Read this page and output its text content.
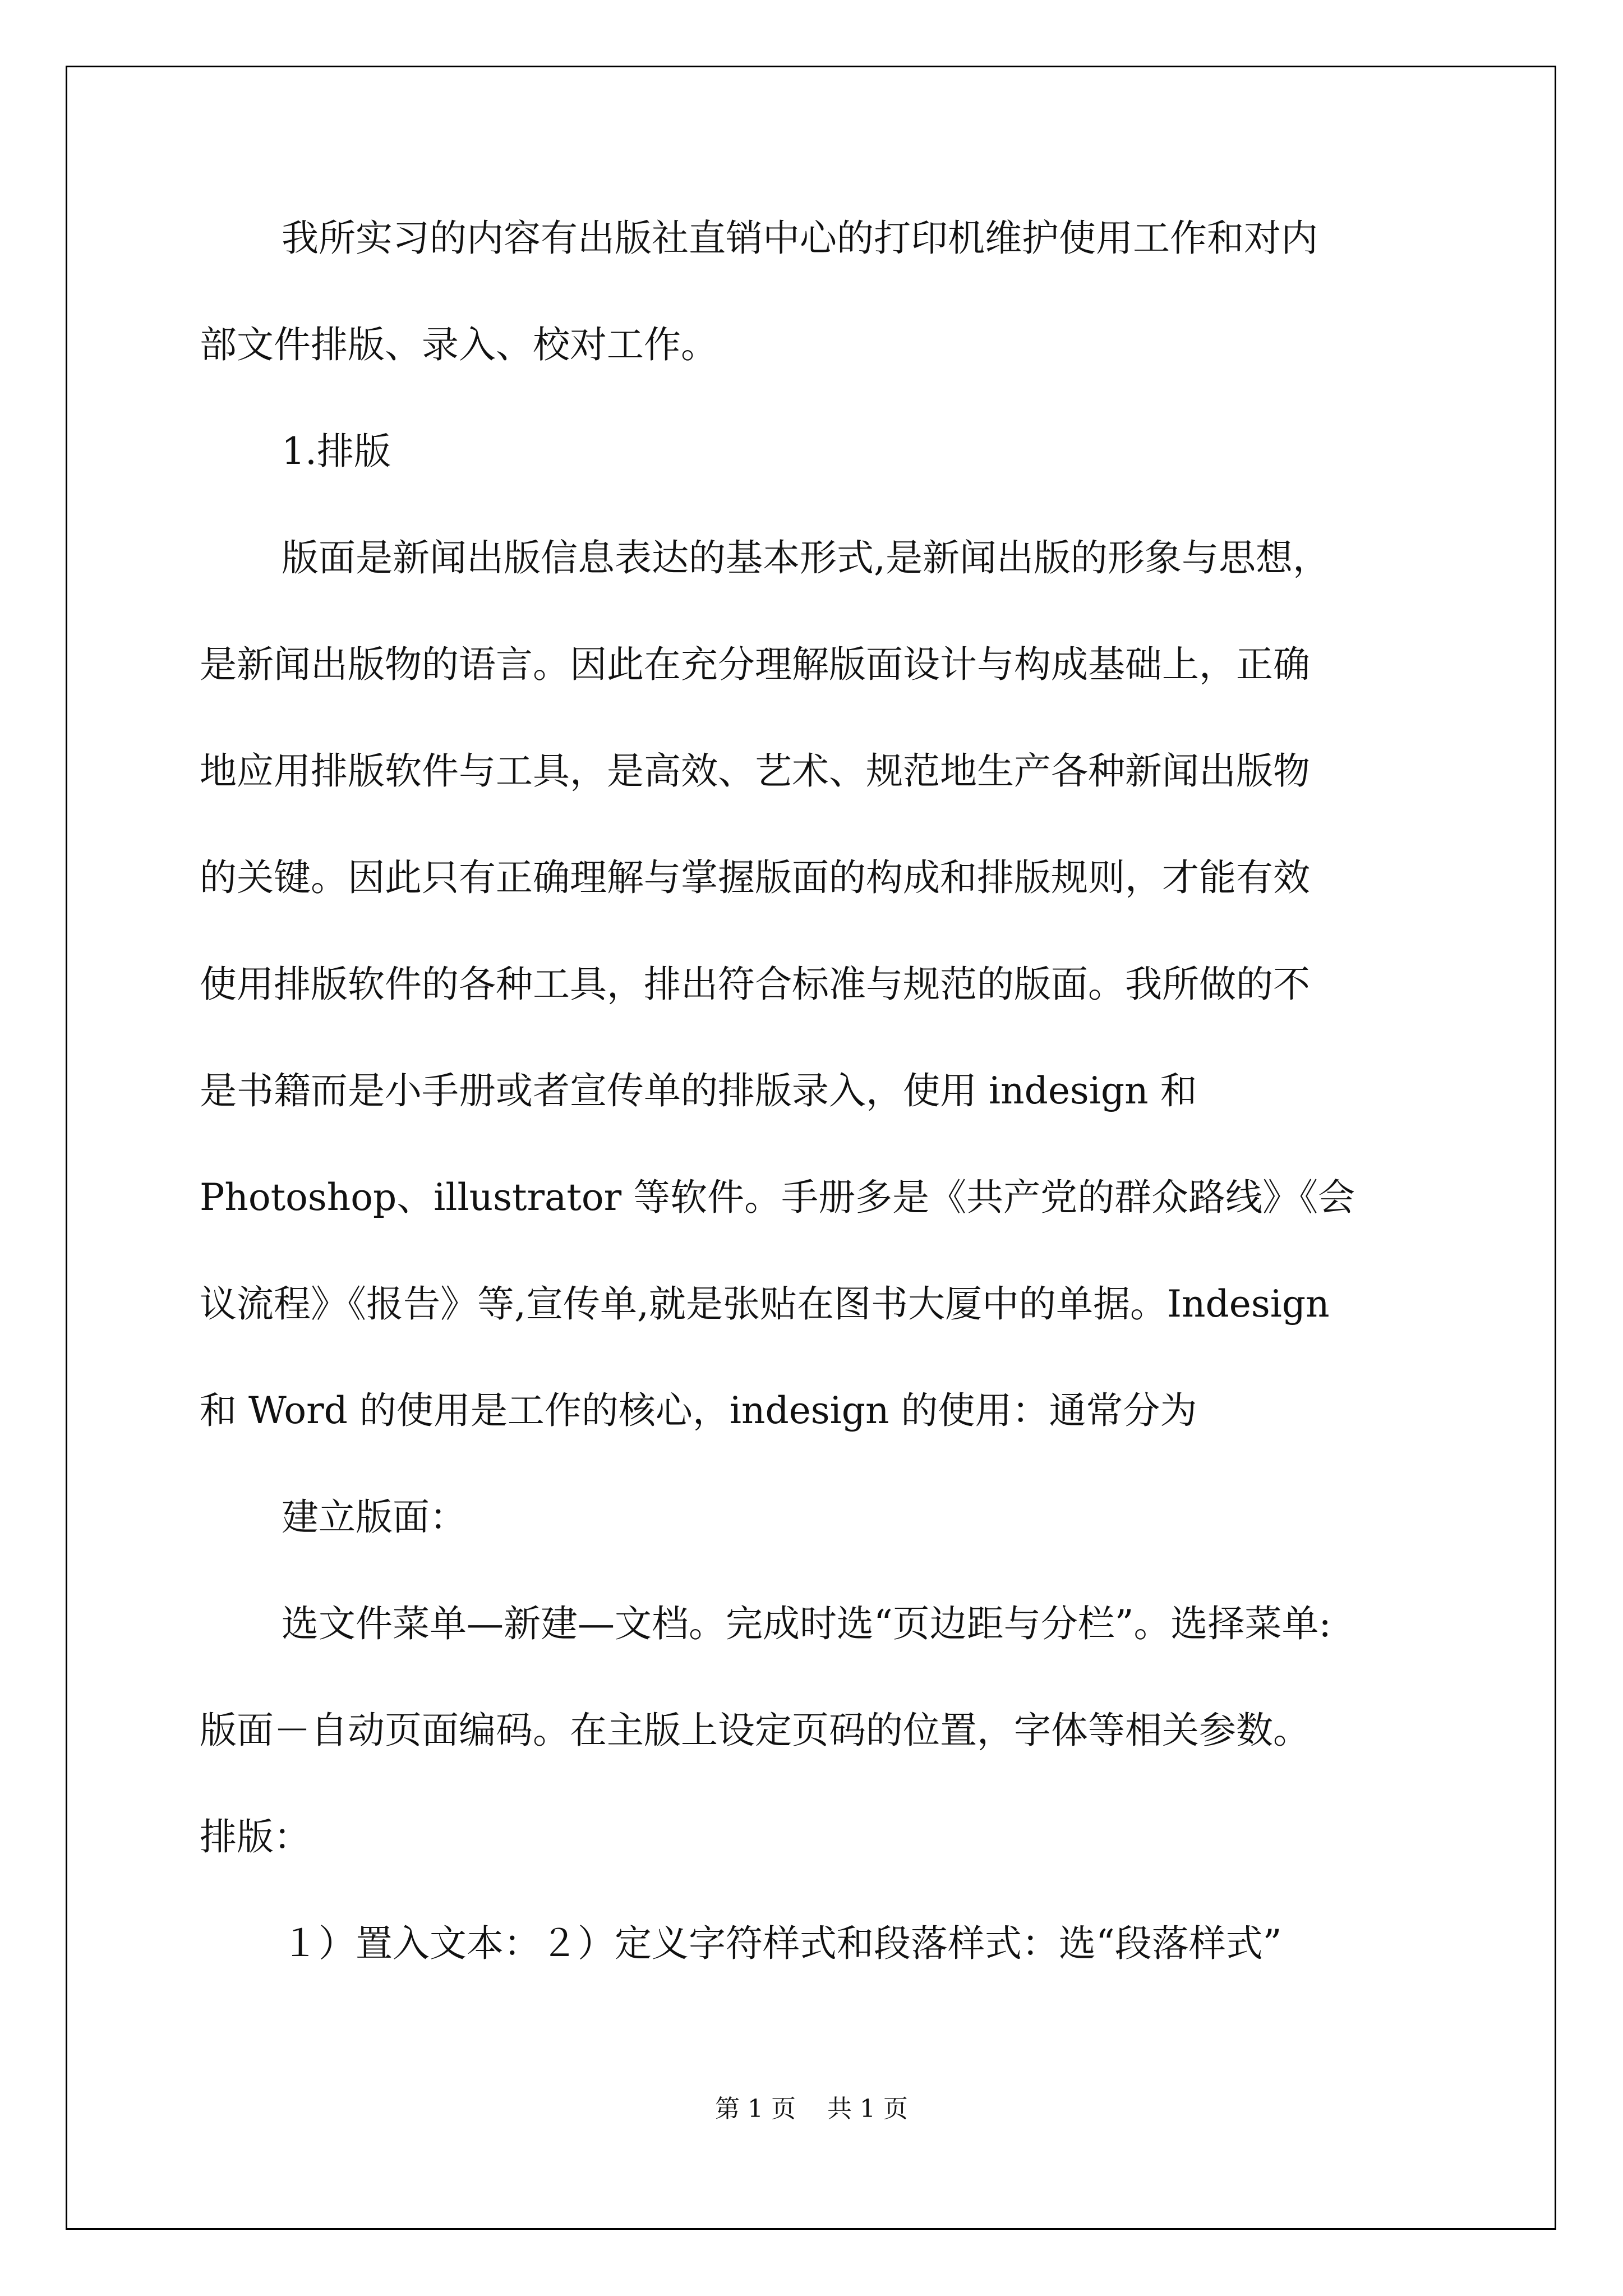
我所实习的内容有出版社直销中心的打印机维护使用工作和对内
部文件排版、录入、校对工作。
1.排版
版面是新闻出版信息表达的基本形式,是新闻出版的形象与思想，
是新闻出版物的语言。因此在充分理解版面设计与构成基础上，正确
地应用排版软件与工具，是高效、艺术、规范地生产各种新闻出版物
的关键。因此只有正确理解与掌握版面的构成和排版规则，才能有效
使用排版软件的各种工具，排出符合标准与规范的版面。我所做的不
是书籍而是小手册或者宣传单的排版录入，使用 indesign 和
Photoshop、illustrator 等软件。手册多是《共产党的群众路线》《会
议流程》《报告》等,宣传单,就是张贴在图书大厦中的单据。Indesign
和 Word 的使用是工作的核心，indesign 的使用：通常分为
建立版面：
选文件菜单—新建—文档。完成时选“页边距与分栏”。选择菜单:
版面－自动页面编码。在主版上设定页码的位置，字体等相关参数。
排版：
１）置入文本：２）定义字符样式和段落样式：选“段落样式”
第 1 页    共 1 页
